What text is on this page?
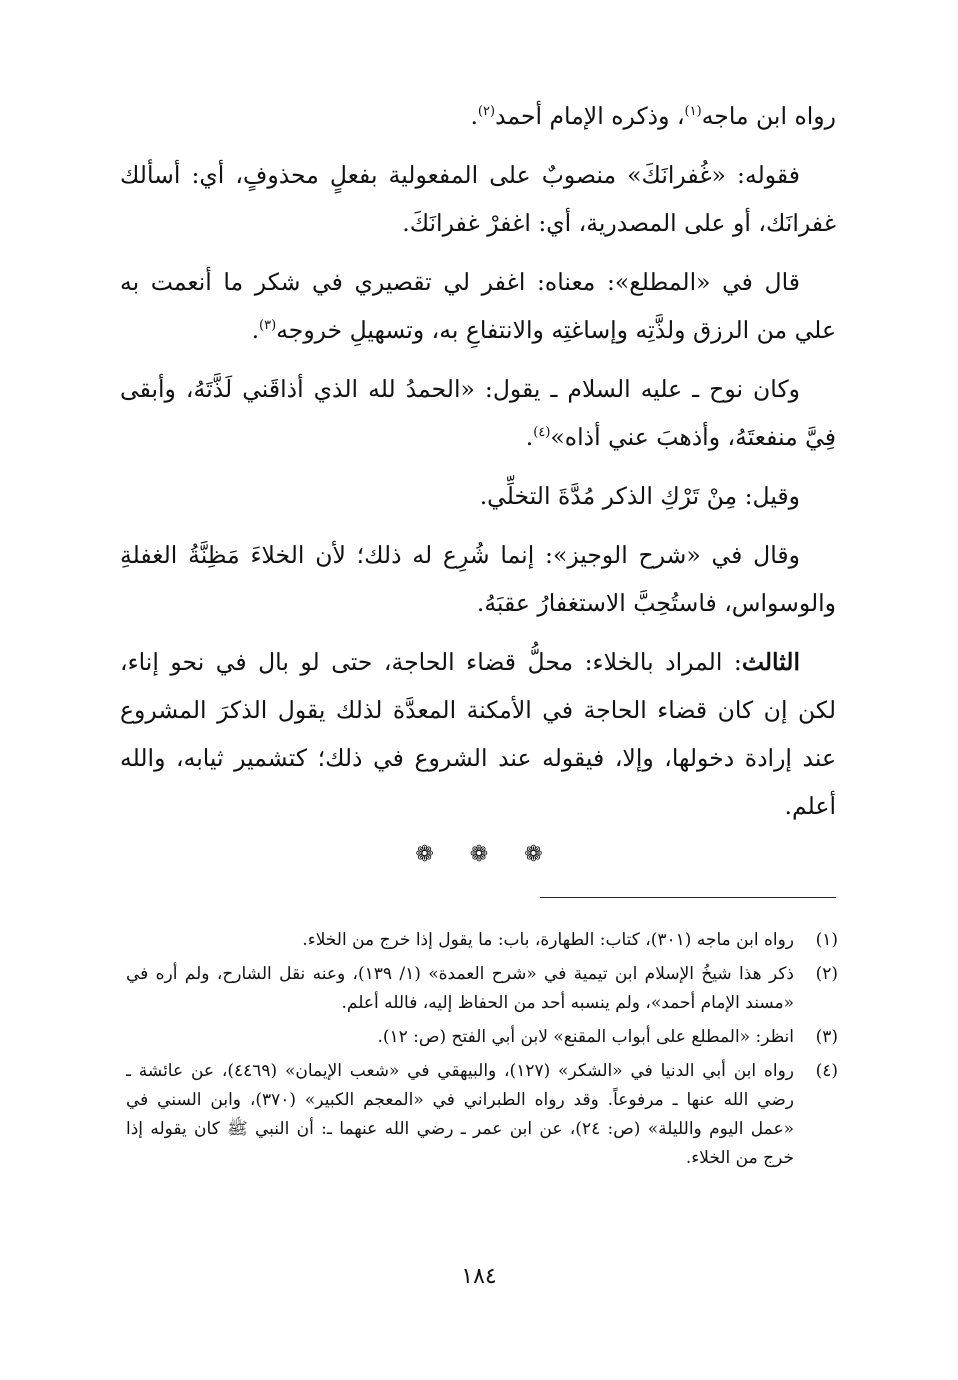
رواه ابن ماجه$^{(١)}$، وذكره الإمام أحمد$^{(٢)}$.

فقوله: «غُفرانَكَ» منصوبٌ على المفعولية بفعلٍ محذوفٍ، أي: أسألك غفرانَك، أو على المصدرية، أي: اغفرْ غفرانَكَ.

قال في «المطلع»: معناه: اغفر لي تقصيري في شكر ما أنعمت به علي من الرزق ولذَّتِه وإساغتِه والانتفاعِ به، وتسهيلِ خروجه$^{(٣)}$.

وكان نوح ـ عليه السلام ـ يقول: «الحمدُ لله الذي أذاقَني لَذَّتَهُ، وأبقى فِيَّ منفعتَهُ، وأذهبَ عني أذاه»$^{(٤)}$.

وقيل: مِنْ تَرْكِ الذكر مُدَّةَ التخلِّي.

وقال في «شرح الوجيز»: إنما شُرِع له ذلك؛ لأن الخلاءَ مَظِنَّةُ الغفلةِ والوسواس، فاستُحِبَّ الاستغفارُ عقبَهُ.

الثالث: المراد بالخلاء: محلُّ قضاء الحاجة، حتى لو بال في نحو إناء، لكن إن كان قضاء الحاجة في الأمكنة المعدَّة لذلك يقول الذكرَ المشروع عند إرادة دخولها، وإلا، فيقوله عند الشروع في ذلك؛ كتشمير ثيابه، والله أعلم.

❁ ❁ ❁
(١)
رواه ابن ماجه (٣٠١)، كتاب: الطهارة، باب: ما يقول إذا خرج من الخلاء.
(٢)
ذكر هذا شيخُ الإسلام ابن تيمية في «شرح العمدة» (١/ ١٣٩)، وعنه نقل الشارح، ولم أره في «مسند الإمام أحمد»، ولم ينسبه أحد من الحفاظ إليه، فالله أعلم.
(٣)
انظر: «المطلع على أبواب المقنع» لابن أبي الفتح (ص: ١٢).
(٤)
رواه ابن أبي الدنيا في «الشكر» (١٢٧)، والبيهقي في «شعب الإيمان» (٤٤٦٩)، عن عائشة ـ رضي الله عنها ـ مرفوعاً. وقد رواه الطبراني في «المعجم الكبير» (٣٧٠)، وابن السني في «عمل اليوم والليلة» (ص: ٢٤)، عن ابن عمر ـ رضي الله عنهما ـ: أن النبي ﷺ كان يقوله إذا خرج من الخلاء.
١٨٤
